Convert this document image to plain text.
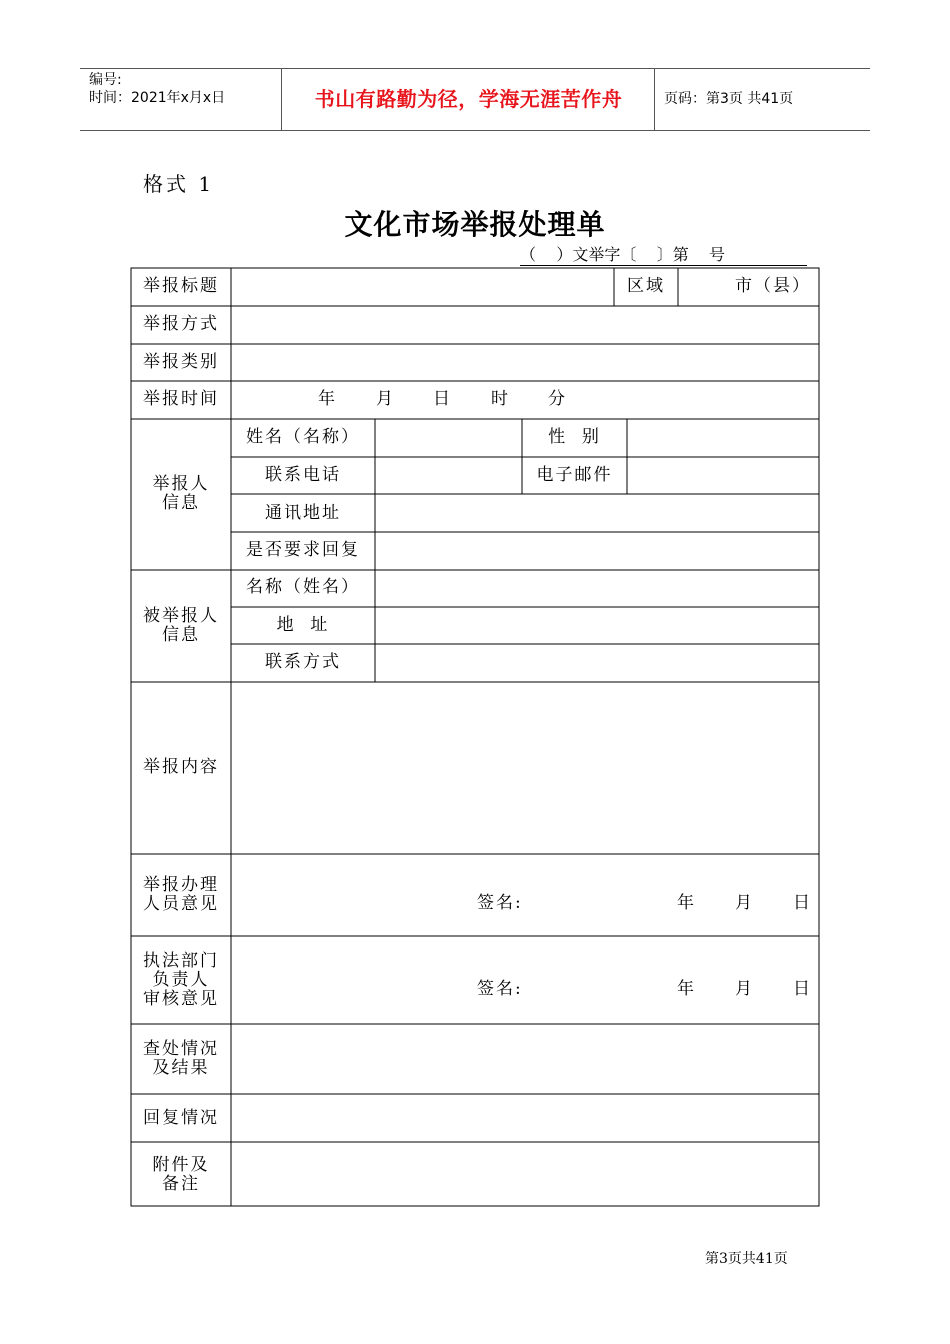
编号:
时间：2021年x月x日	书山有路勤为径，学海无涯苦作舟	页码：第3页 共41页
格式 1
文化市场举报处理单
（    ）文举字〔    〕第    号
举报标题	区域	市（县）
举报方式
举报类别
举报时间	年 月 日 时 分
举报人
信息
姓名（名称）	性  别
联系电话	电子邮件
通讯地址
是否要求回复
被举报人
信息
名称（姓名）
地  址
联系方式
举报内容
举报办理
人员意见	签名:	年 月 日
执法部门
负责人
审核意见	签名:	年 月 日
查处情况
及结果
回复情况
附件及
备注
第3页共41页
